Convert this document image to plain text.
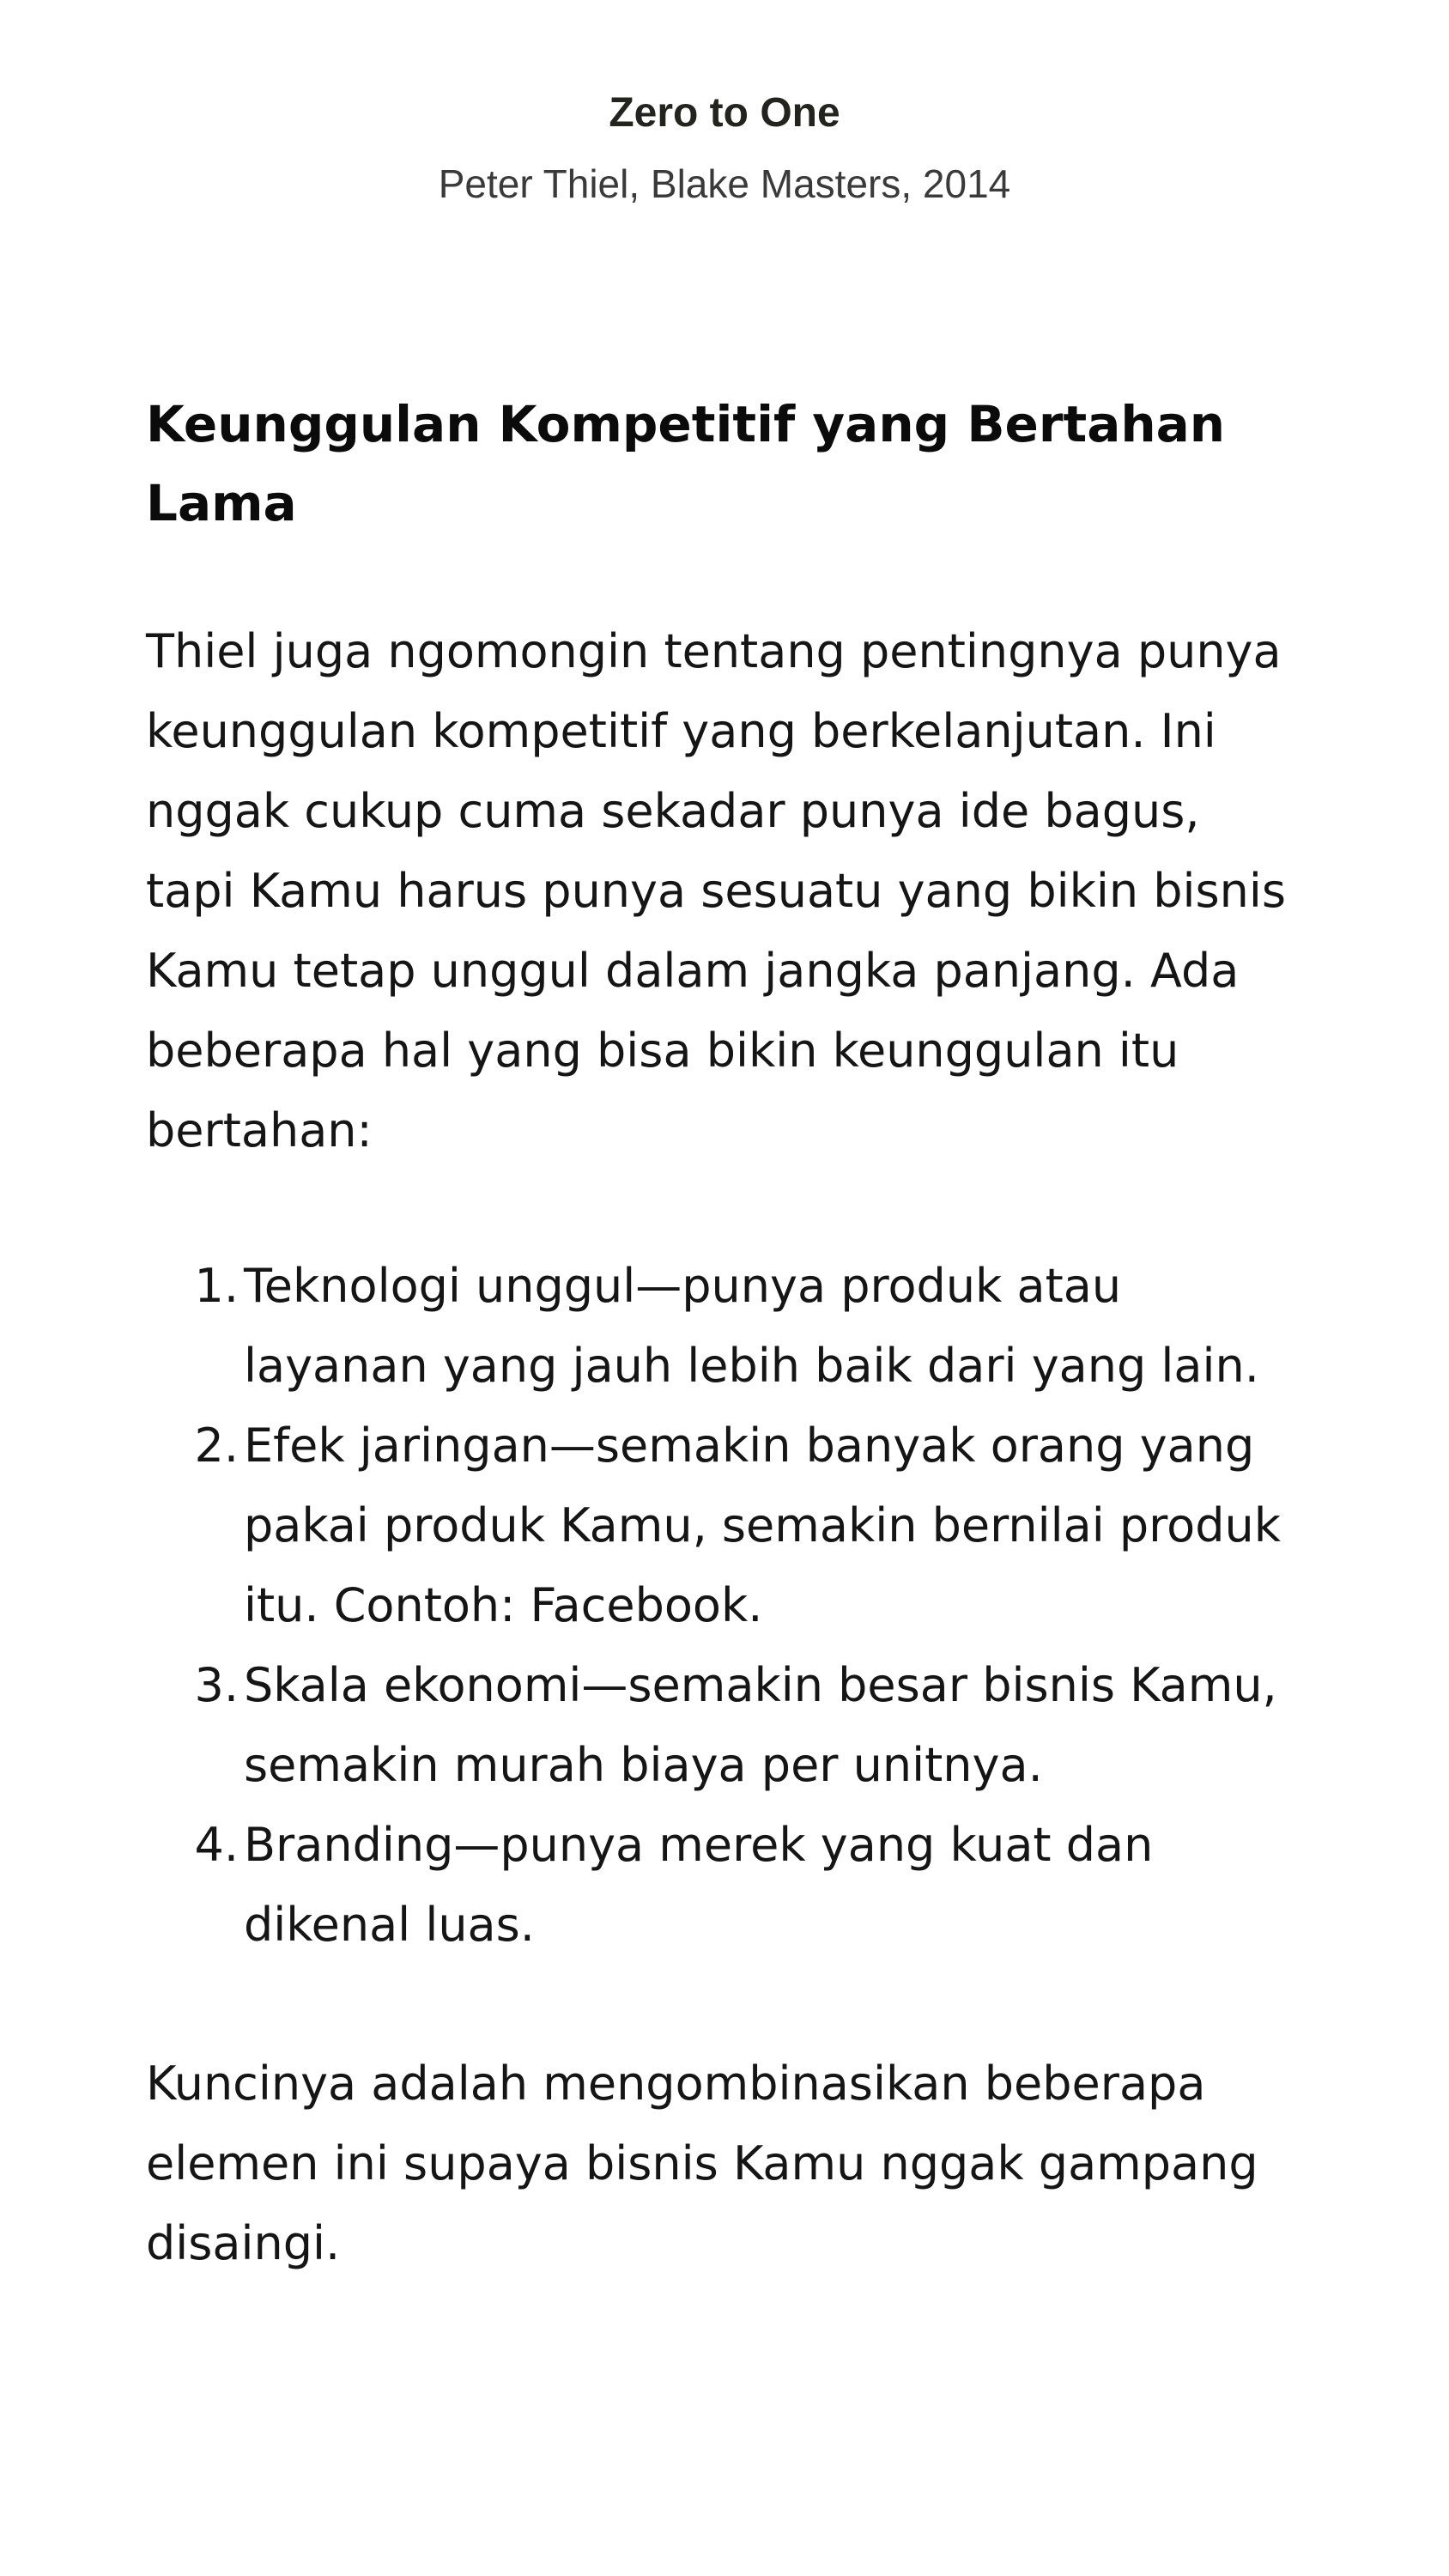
Zero to One

Peter Thiel, Blake Masters, 2014

Keunggulan Kompetitif yang Bertahan Lama

Thiel juga ngomongin tentang pentingnya punya keunggulan kompetitif yang berkelanjutan. Ini nggak cukup cuma sekadar punya ide bagus, tapi Kamu harus punya sesuatu yang bikin bisnis Kamu tetap unggul dalam jangka panjang. Ada beberapa hal yang bisa bikin keunggulan itu bertahan:

1. Teknologi unggul—punya produk atau layanan yang jauh lebih baik dari yang lain.
2. Efek jaringan—semakin banyak orang yang pakai produk Kamu, semakin bernilai produk itu. Contoh: Facebook.
3. Skala ekonomi—semakin besar bisnis Kamu, semakin murah biaya per unitnya.
4. Branding—punya merek yang kuat dan dikenal luas.

Kuncinya adalah mengombinasikan beberapa elemen ini supaya bisnis Kamu nggak gampang disaingi.
